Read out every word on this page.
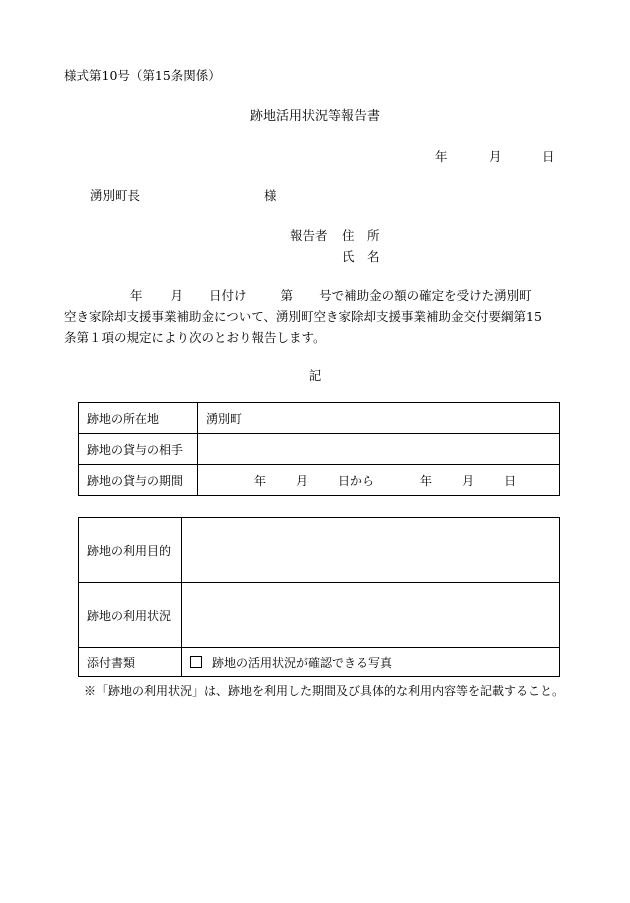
様式第10号（第15条関係）
跡地活用状況等報告書
年	月	日
湧別町長	様
報告者 住　所
氏　名
年 月 日付け	第 号で補助金の額の確定を受けた湧別町
空き家除却支援事業補助金について、湧別町空き家除却支援事業補助金交付要綱第15
条第１項の規定により次のとおり報告します。
記
跡地の所在地	湧別町
跡地の貸与の相手	
跡地の貸与の期間	年 月 日から 年 月 日
跡地の利用目的	
跡地の利用状況	
添付書類	跡地の活用状況が確認できる写真
※「跡地の利用状況」は、跡地を利用した期間及び具体的な利用内容等を記載すること。
